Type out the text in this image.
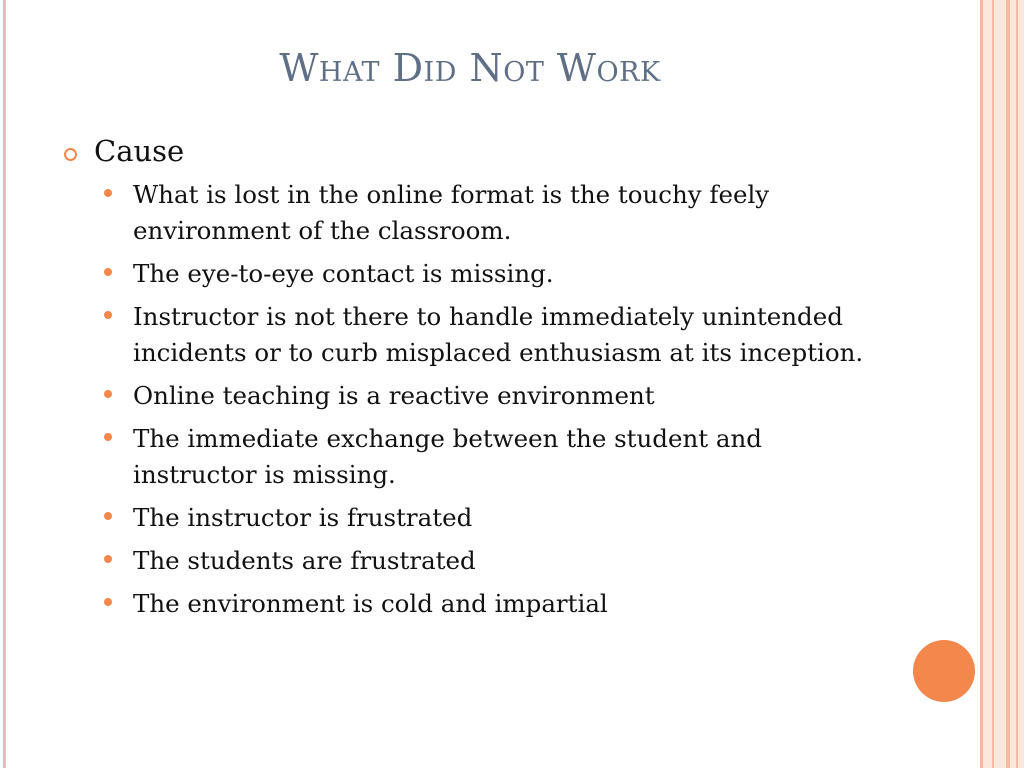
What Did Not Work
Cause
What is lost in the online format is the touchy feely environment of the classroom.
The eye-to-eye contact is missing.
Instructor is not there to handle immediately unintended incidents or to curb misplaced enthusiasm at its inception.
Online teaching is a reactive environment
The immediate exchange between the student and instructor is missing.
The instructor is frustrated
The students are frustrated
The environment is cold and impartial
